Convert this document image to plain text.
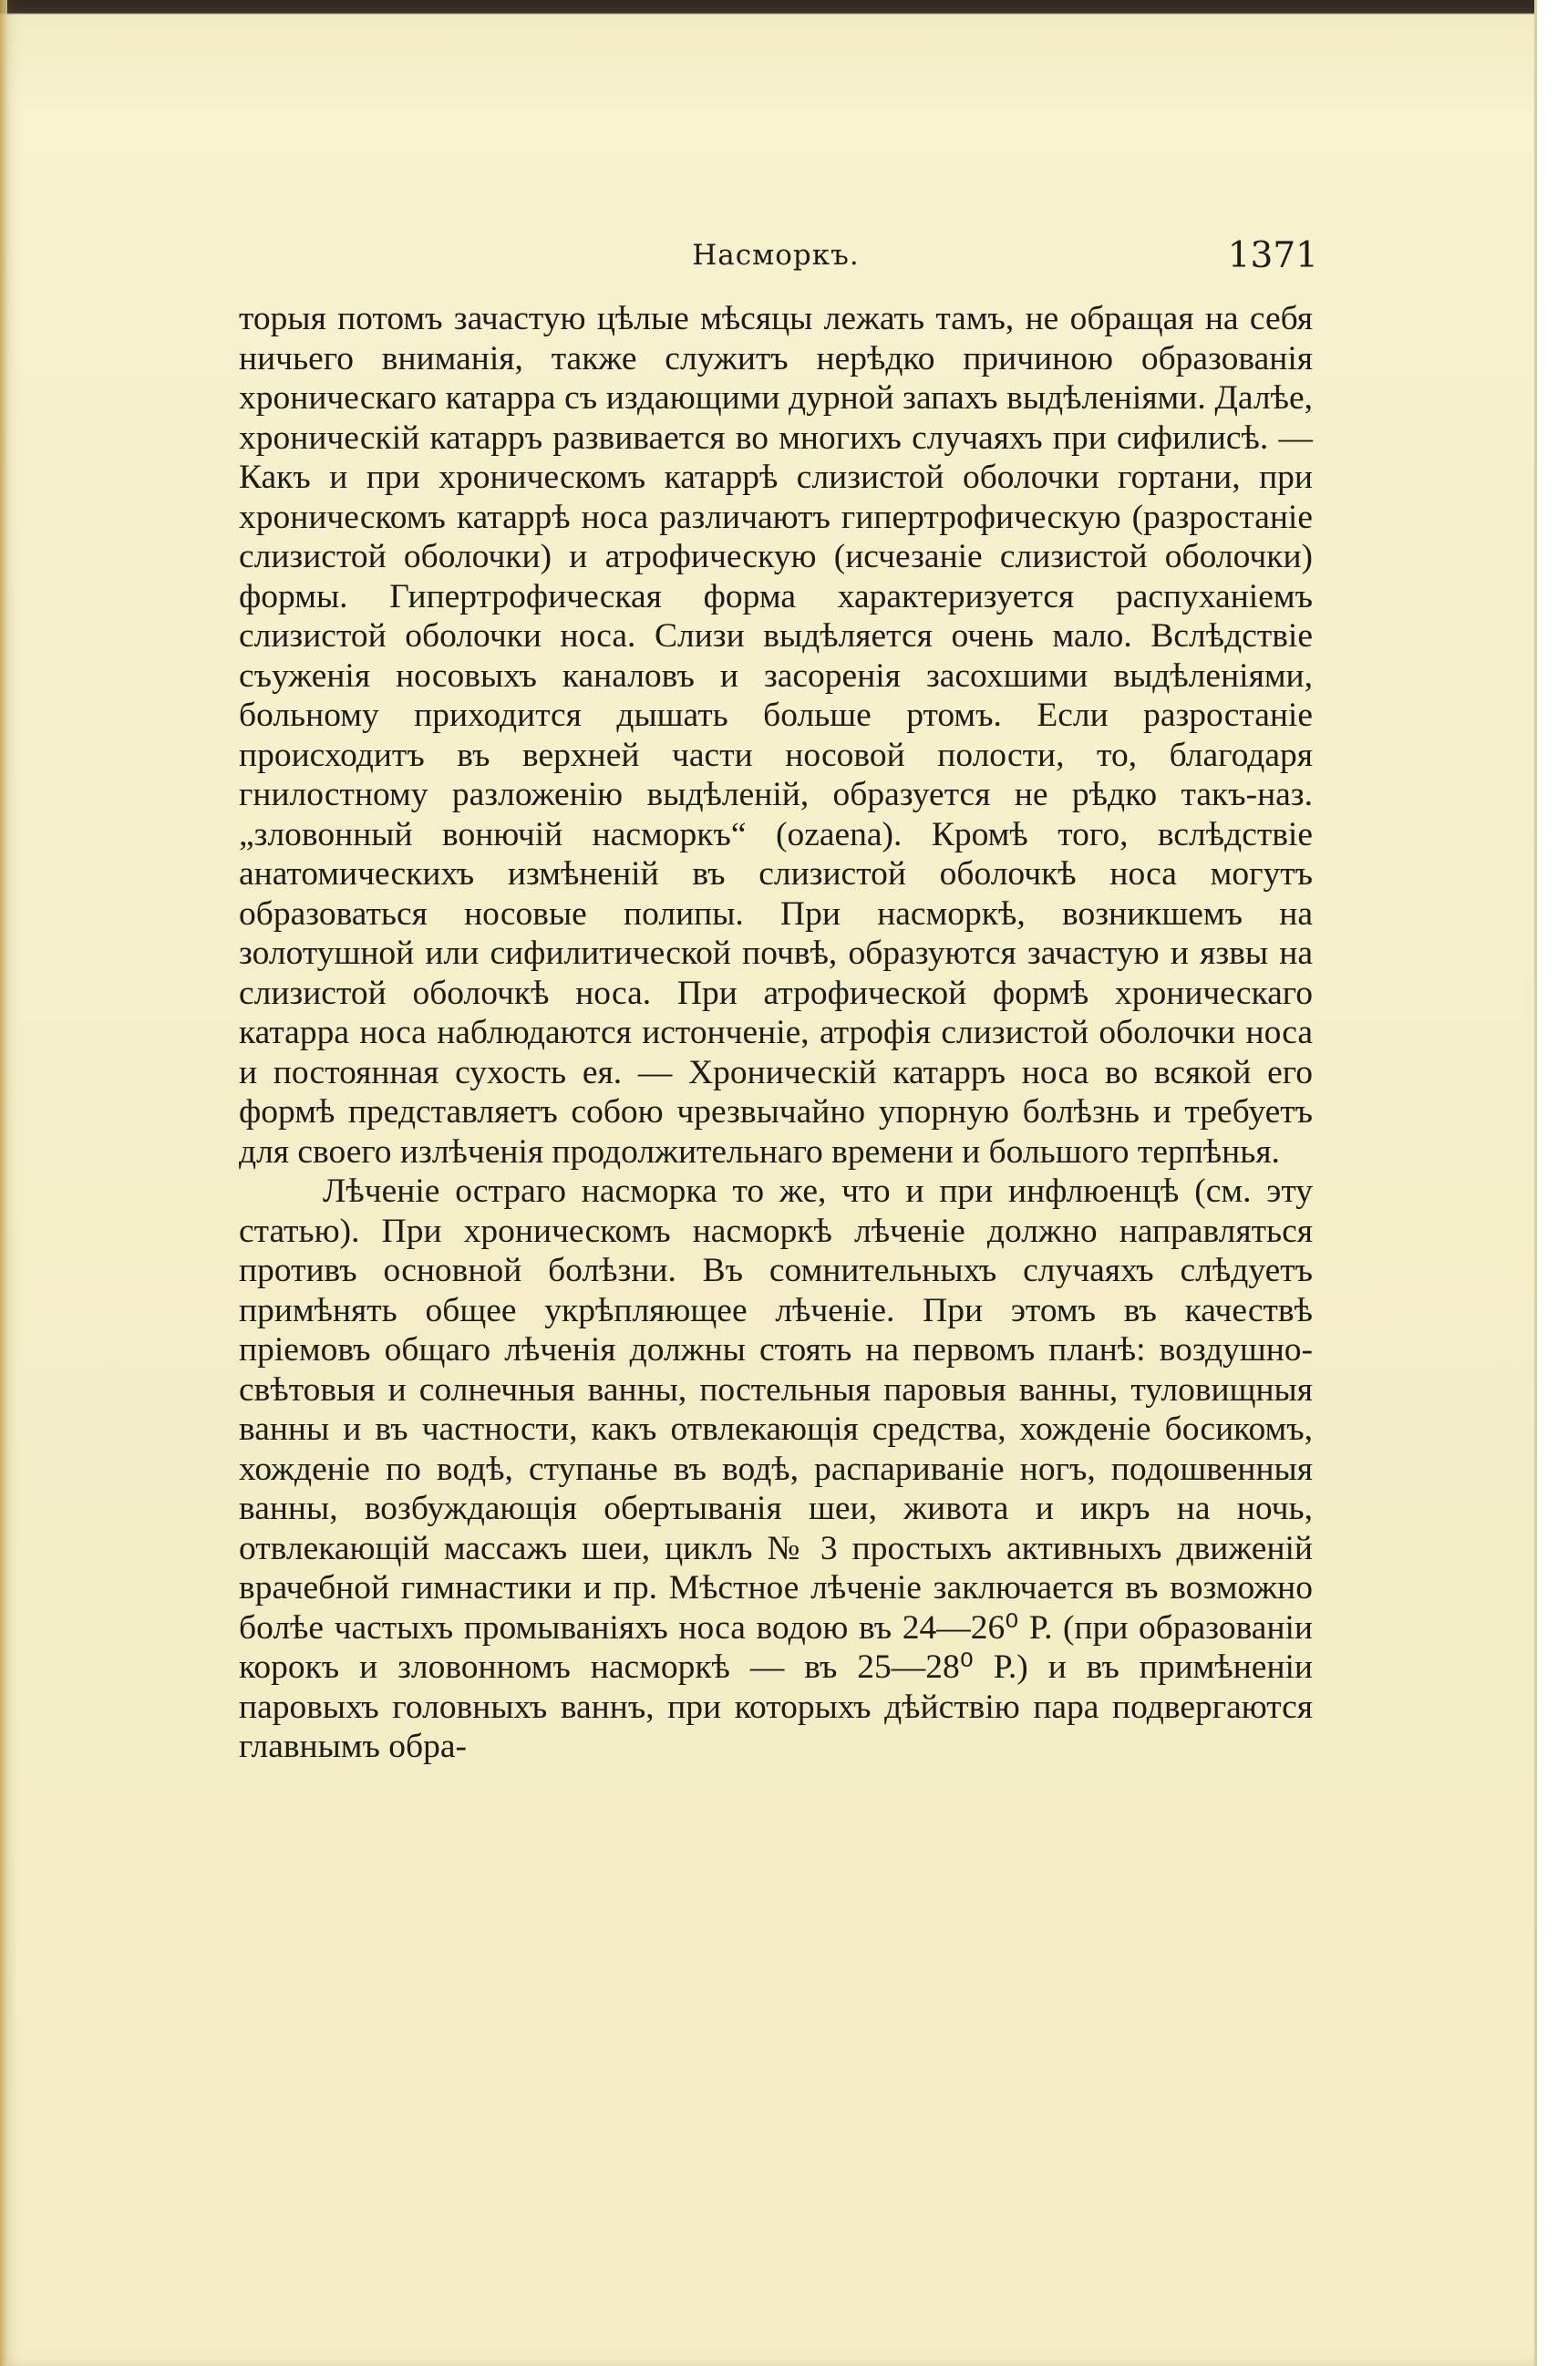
Насморкъ.	1371

торыя потомъ зачастую цѣлые мѣсяцы лежать тамъ, не обращая на себя ничьего вниманія, также служитъ нерѣдко причиною образованія хроническаго катарра съ издающими дурной запахъ выдѣленіями. Далѣе, хроническій катарръ развивается во многихъ случаяхъ при сифилисѣ. — Какъ и при хроническомъ катаррѣ слизистой оболочки гортани, при хроническомъ катаррѣ носа различаютъ гипертрофическую (разростаніе слизистой оболочки) и атрофическую (исчезаніе слизистой оболочки) формы. Гипертрофическая форма характеризуется распуханіемъ слизистой оболочки носа. Слизи выдѣляется очень мало. Вслѣдствіе съуженія носовыхъ каналовъ и засоренія засохшими выдѣленіями, больному приходится дышать больше ртомъ. Если разростаніе происходитъ въ верхней части носовой полости, то, благодаря гнилостному разложенію выдѣленій, образуется не рѣдко такъ-наз. „зловонный вонючій насморкъ“ (ozaena). Кромѣ того, вслѣдствіе анатомическихъ измѣненій въ слизистой оболочкѣ носа могутъ образоваться носовые полипы. При насморкѣ, возникшемъ на золотушной или сифилитической почвѣ, образуются зачастую и язвы на слизистой оболочкѣ носа. При атрофической формѣ хроническаго катарра носа наблюдаются истонченіе, атрофія слизистой оболочки носа и постоянная сухость ея. — Хроническій катарръ носа во всякой его формѣ представляетъ собою чрезвычайно упорную болѣзнь и требуетъ для своего излѣченія продолжительнаго времени и большого терпѣнья.

Лѣченіе остраго насморка то же, что и при инфлюенцѣ (см. эту статью). При хроническомъ насморкѣ лѣченіе должно направляться противъ основной болѣзни. Въ сомнительныхъ случаяхъ слѣдуетъ примѣнять общее укрѣпляющее лѣченіе. При этомъ въ качествѣ пріемовъ общаго лѣченія должны стоять на первомъ планѣ: воздушно-свѣтовыя и солнечныя ванны, постельныя паровыя ванны, туловищныя ванны и въ частности, какъ отвлекающія средства, хожденіе босикомъ, хожденіе по водѣ, ступанье въ водѣ, распариваніе ногъ, подошвенныя ванны, возбуждающія обертыванія шеи, живота и икръ на ночь, отвлекающій массажъ шеи, циклъ № 3 простыхъ активныхъ движеній врачебной гимнастики и пр. Мѣстное лѣченіе заключается въ возможно болѣе частыхъ промываніяхъ носа водою въ 24—26⁰ Р. (при образованіи корокъ и зловонномъ насморкѣ — въ 25—28⁰ Р.) и въ примѣненіи паровыхъ головныхъ ваннъ, при которыхъ дѣйствію пара подвергаются главнымъ обра-
